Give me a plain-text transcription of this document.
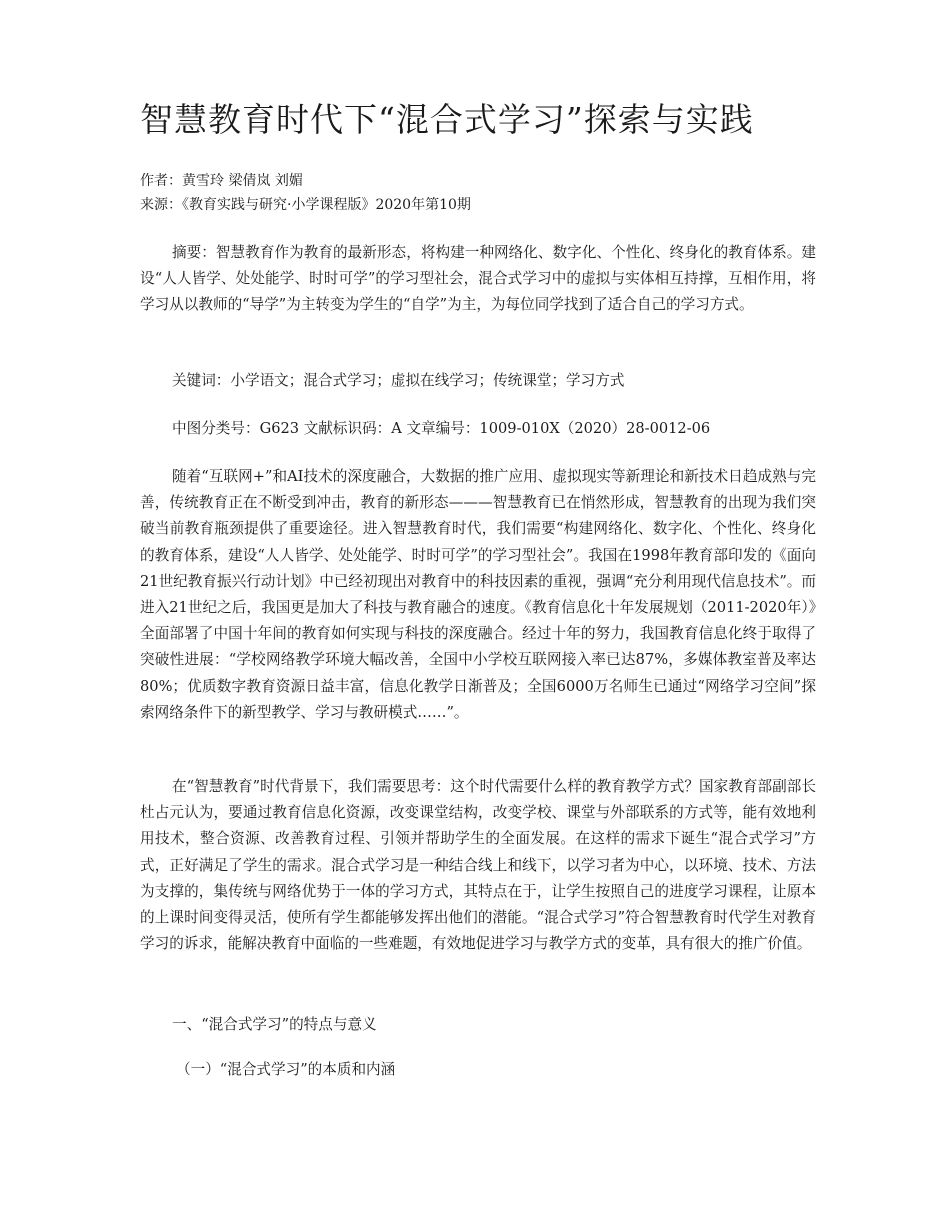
智慧教育时代下“混合式学习”探索与实践

作者：黄雪玲 梁倩岚 刘媚

来源：《教育实践与研究·小学课程版》2020年第10期

摘要：智慧教育作为教育的最新形态，将构建一种网络化、数字化、个性化、终身化的教育体系。建设“人人皆学、处处能学、时时可学”的学习型社会，混合式学习中的虚拟与实体相互持撑，互相作用，将学习从以教师的“导学”为主转变为学生的“自学”为主，为每位同学找到了适合自己的学习方式。

关键词：小学语文；混合式学习；虚拟在线学习；传统课堂；学习方式

中图分类号：G623 文献标识码：A 文章编号：1009-010X（2020）28-0012-06

随着“互联网+”和AI技术的深度融合，大数据的推广应用、虚拟现实等新理论和新技术日趋成熟与完善，传统教育正在不断受到冲击，教育的新形态———智慧教育已在悄然形成，智慧教育的出现为我们突破当前教育瓶颈提供了重要途径。进入智慧教育时代，我们需要“构建网络化、数字化、个性化、终身化的教育体系，建设“人人皆学、处处能学、时时可学”的学习型社会”。我国在1998年教育部印发的《面向21世纪教育振兴行动计划》中已经初现出对教育中的科技因素的重视，强调“充分利用现代信息技术”。而进入21世纪之后，我国更是加大了科技与教育融合的速度。《教育信息化十年发展规划（2011-2020年）》全面部署了中国十年间的教育如何实现与科技的深度融合。经过十年的努力，我国教育信息化终于取得了突破性进展：“学校网络教学环境大幅改善，全国中小学校互联网接入率已达87%，多媒体教室普及率达80%；优质数字教育资源日益丰富，信息化教学日渐普及；全国6000万名师生已通过“网络学习空间”探索网络条件下的新型教学、学习与教研模式……”。

在“智慧教育”时代背景下，我们需要思考：这个时代需要什么样的教育教学方式？国家教育部副部长杜占元认为，要通过教育信息化资源，改变课堂结构，改变学校、课堂与外部联系的方式等，能有效地利用技术，整合资源、改善教育过程、引领并帮助学生的全面发展。在这样的需求下诞生“混合式学习”方式，正好满足了学生的需求。混合式学习是一种结合线上和线下，以学习者为中心，以环境、技术、方法为支撑的，集传统与网络优势于一体的学习方式，其特点在于，让学生按照自己的进度学习课程，让原本的上课时间变得灵活，使所有学生都能够发挥出他们的潜能。“混合式学习”符合智慧教育时代学生对教育学习的诉求，能解决教育中面临的一些难题，有效地促进学习与教学方式的变革，具有很大的推广价值。

一、“混合式学习”的特点与意义

（一）“混合式学习”的本质和内涵
